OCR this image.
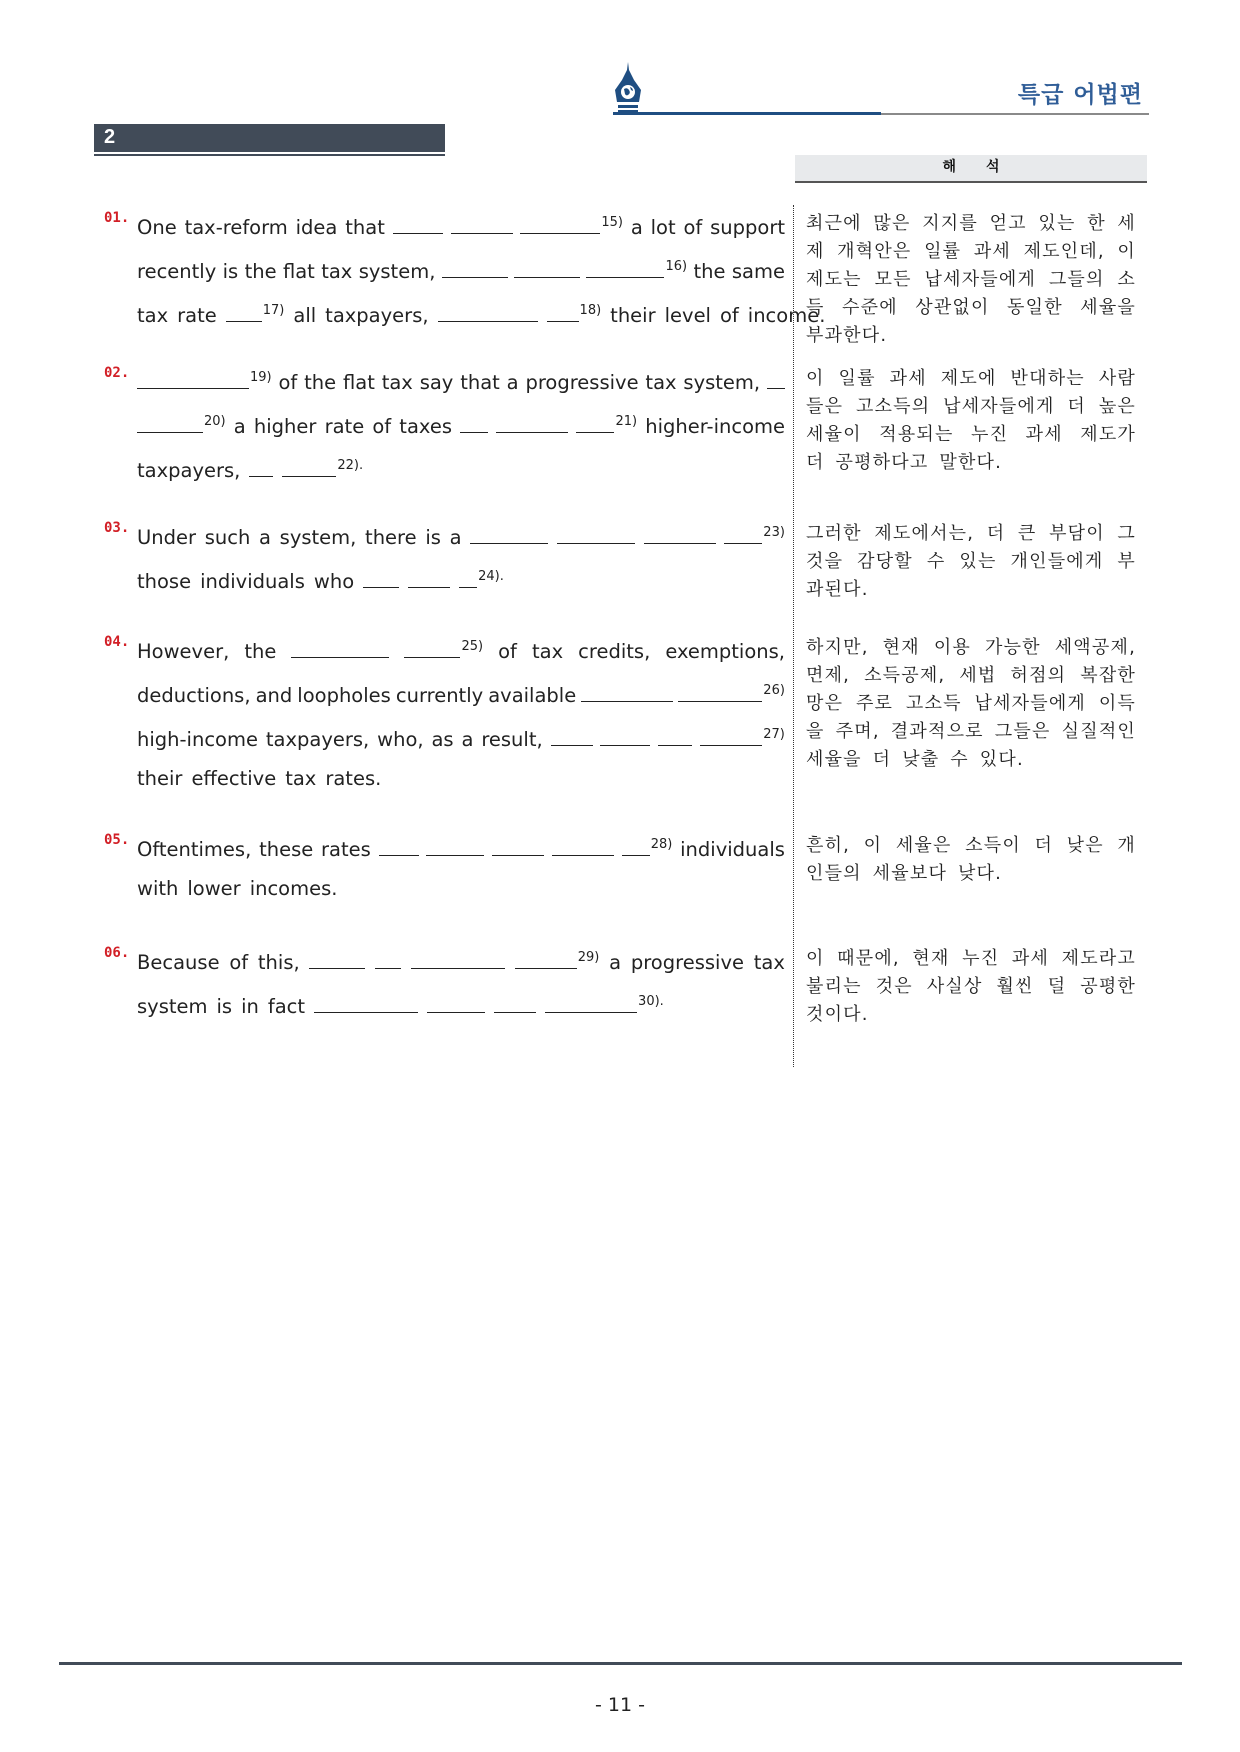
특급 어법편
2
해석
01. One tax-reform idea that	$^{15)}$ a lot of support
recently is the flat tax system,	$^{16)}$ the same
tax rate	$^{17)}$ all taxpayers,	$^{18)}$ their level of income.
최근에 많은 지지를 얻고 있는 한 세제 개혁안은 일률 과세 제도인데, 이 제도는 모든 납세자들에게 그들의 소득 수준에 상관없이 동일한 세율을 부과한다.
02.	$^{19)}$ of the flat tax say that a progressive tax system,
$^{20)}$ a higher rate of taxes	$^{21)}$ higher-income
taxpayers,	$^{22).}$
이 일률 과세 제도에 반대하는 사람들은 고소득의 납세자들에게 더 높은 세율이 적용되는 누진 과세 제도가 더 공평하다고 말한다.
03. Under such a system, there is a	$^{23)}$
those individuals who	$^{24).}$
그러한 제도에서는, 더 큰 부담이 그것을 감당할 수 있는 개인들에게 부과된다.
04. However, the	$^{25)}$ of tax credits, exemptions,
deductions, and loopholes currently available	$^{26)}$
high-income taxpayers, who, as a result,	$^{27)}$
their effective tax rates.
하지만, 현재 이용 가능한 세액공제, 면제, 소득공제, 세법 허점의 복잡한 망은 주로 고소득 납세자들에게 이득을 주며, 결과적으로 그들은 실질적인 세율을 더 낮출 수 있다.
05. Oftentimes, these rates	$^{28)}$ individuals
with lower incomes.
흔히, 이 세율은 소득이 더 낮은 개인들의 세율보다 낮다.
06. Because of this,	$^{29)}$ a progressive tax
system is in fact	$^{30).}$
이 때문에, 현재 누진 과세 제도라고 불리는 것은 사실상 훨씬 덜 공평한 것이다.
- 11 -
